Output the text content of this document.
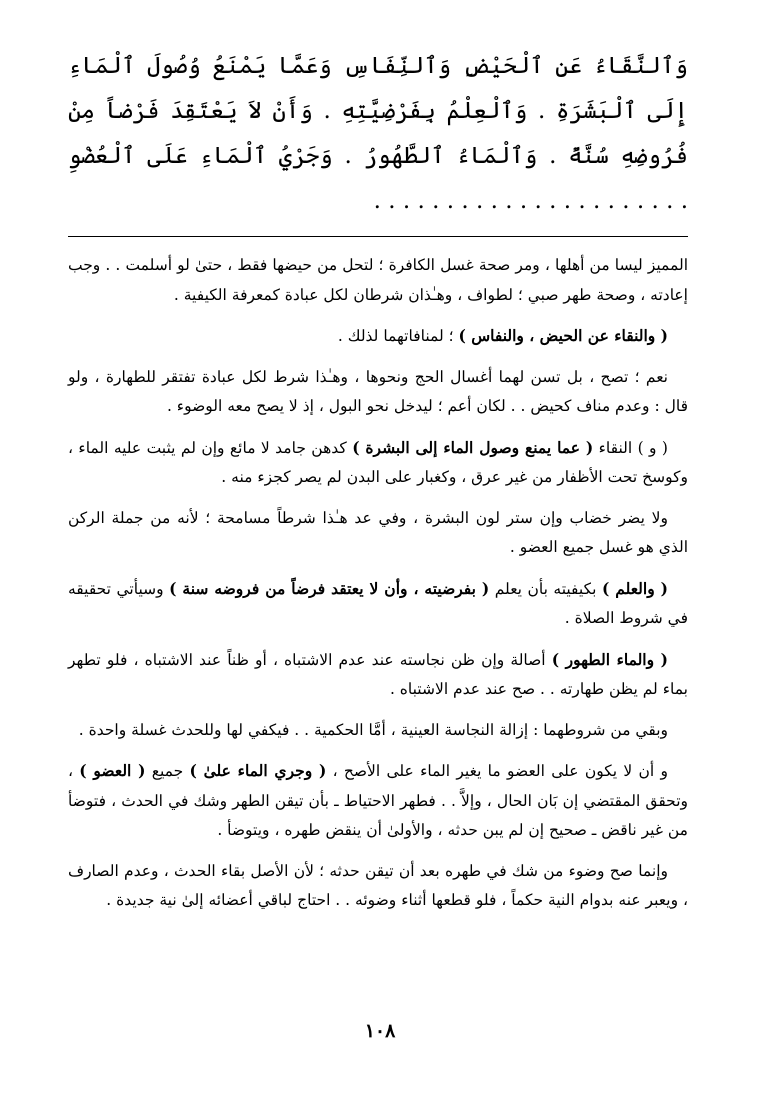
وَٱلنَّقَاءُ عَنِ ٱلْحَيْضِ وَٱلنِّفَاسِ وَعَمَّا يَمْنَعُ وُصُولَ ٱلْمَاءِ إِلَى ٱلْبَشَرَةِ . وَٱلْعِلْمُ بِفَرْضِيَّتِهِ . وَأَنْ لاَ يَعْتَقِدَ فَرْضاً مِنْ فُرُوضِهِ سُنَّةً . وَٱلْمَاءُ ٱلطَّهُورُ . وَجَرْيُ ٱلْمَاءِ عَلَى ٱلْعُضْوِ . . . . . . . . . . . . . . . . . . . . . .

المميز ليسا من أهلها ، ومر صحة غسل الكافرة ؛ لتحل من حيضها فقط ، حتىٰ لو أسلمت . . وجب إعادته ، وصحة طهر صبي ؛ لطواف ، وهـٰذان شرطان لكل عبادة كمعرفة الكيفية .

( والنقاء عن الحيض ، والنفاس ) ؛ لمنافاتهما لذلك .

نعم ؛ تصح ، بل تسن لهما أغسال الحج ونحوها ، وهـٰذا شرط لكل عبادة تفتقر للطهارة ، ولو قال : وعدم مناف كحيض . . لكان أعم ؛ ليدخل نحو البول ، إذ لا يصح معه الوضوء .

( و ) النقاء ( عما يمنع وصول الماء إلى البشرة ) كدهن جامد لا مائع وإن لم يثبت عليه الماء ، وكوسخ تحت الأظفار من غير عرق ، وكغبار على البدن لم يصر كجزء منه .

ولا يضر خضاب وإن ستر لون البشرة ، وفي عد هـٰذا شرطاً مسامحة ؛ لأنه من جملة الركن الذي هو غسل جميع العضو .

( والعلم ) بكيفيته بأن يعلم ( بفرضيته ، وأن لا يعتقد فرضاً من فروضه سنة ) وسيأتي تحقيقه في شروط الصلاة .

( والماء الطهور ) أصالة وإن ظن نجاسته عند عدم الاشتباه ، أو ظناً عند الاشتباه ، فلو تطهر بماء لم يظن طهارته . . صح عند عدم الاشتباه .

وبقي من شروطهما : إزالة النجاسة العينية ، أمَّا الحكمية . . فيكفي لها وللحدث غسلة واحدة .

و أن لا يكون على العضو ما يغير الماء على الأصح ، ( وجري الماء علىٰ ) جميع ( العضو ) ، وتحقق المقتضي إن بَان الحال ، وإلاَّ . . فطهر الاحتياط ـ بأن تيقن الطهر وشك في الحدث ، فتوضأ من غير ناقض ـ صحيح إن لم يبن حدثه ، والأولىٰ أن ينقض طهره ، ويتوضأ .

وإنما صح وضوء من شك في طهره بعد أن تيقن حدثه ؛ لأن الأصل بقاء الحدث ، وعدم الصارف ، ويعبر عنه بدوام النية حكماً ، فلو قطعها أثناء وضوئه . . احتاج لباقي أعضائه إلىٰ نية جديدة .

١٠٨
